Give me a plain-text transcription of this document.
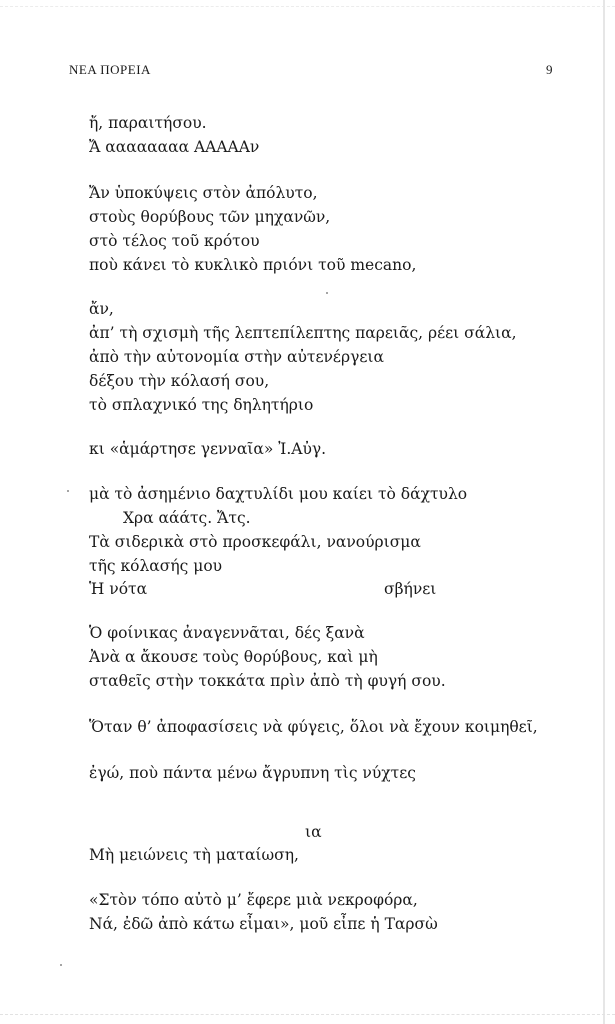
ΝΕΑ ΠΟΡΕΙΑ	9
ἤ, παραιτήσου.
Ἄ αααααααα ΑΑΑΑΑν
Ἄν ὑποκύψεις στὸν ἀπόλυτο,
στοὺς θορύβους τῶν μηχανῶν,
στὸ τέλος τοῦ κρότου
ποὺ κάνει τὸ κυκλικὸ πριόνι τοῦ mecano,
ἄν,
ἀπ’ τὴ σχισμὴ τῆς λεπτεπίλεπτης παρειᾶς, ρέει σάλια,
ἀπὸ τὴν αὐτονομία στὴν αὐτενέργεια
δέξου τὴν κόλασή σου,
τὸ σπλαχνικό της δηλητήριο
κι «ἁμάρτησε γενναῖα» Ἰ.Αὐγ.
μὰ τὸ ἀσημένιο δαχτυλίδι μου καίει τὸ δάχτυλο
Χρα αάάτς. Ἄτς.
Τὰ σιδερικὰ στὸ προσκεφάλι, νανούρισμα
τῆς κόλασής μου
Ἡ νότα	σβήνει
Ὁ φοίνικας ἀναγεννᾶται, δές ξανὰ
Ἀνὰ α ἄκουσε τοὺς θορύβους, καὶ μὴ
σταθεῖς στὴν τοκκάτα πρὶν ἀπὸ τὴ φυγή σου.
Ὅταν θ’ ἀποφασίσεις νὰ φύγεις, ὅλοι νὰ ἔχουν κοιμηθεῖ,
ἐγώ, ποὺ πάντα μένω ἄγρυπνη τὶς νύχτες
ια
Μὴ μειώνεις τὴ ματαίωση,
«Στὸν τόπο αὐτὸ μ’ ἔφερε μιὰ νεκροφόρα,
Νά, ἐδῶ ἀπὸ κάτω εἶμαι», μοῦ εἶπε ἡ Ταρσὼ
